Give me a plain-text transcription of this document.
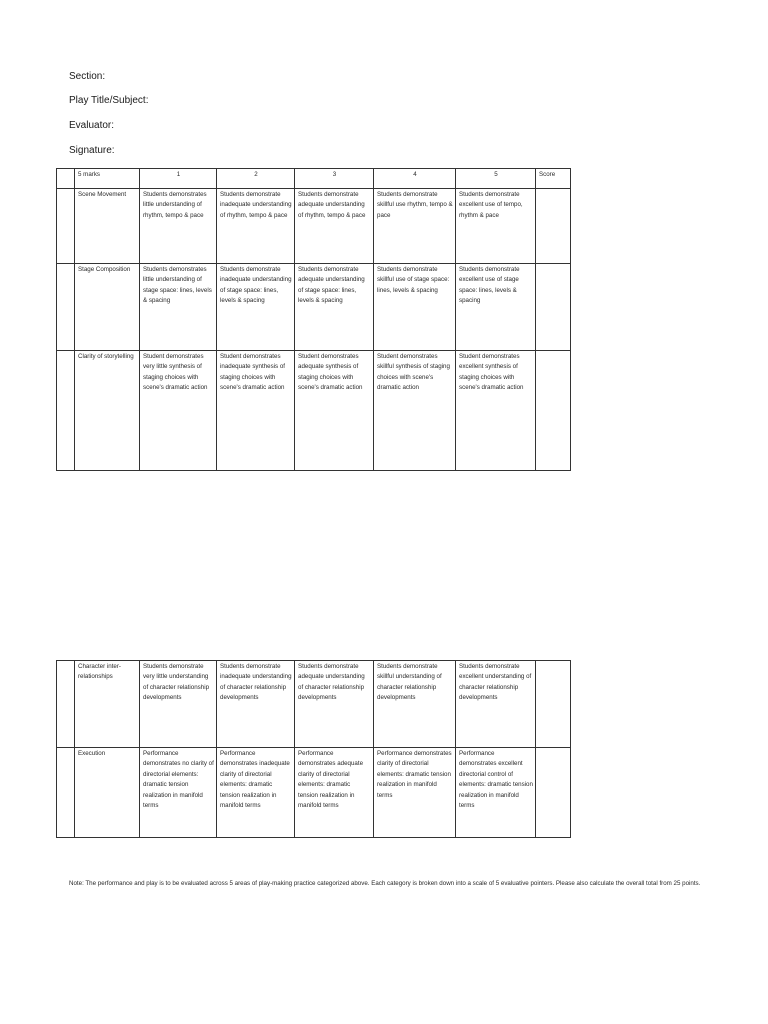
Section:
Play Title/Subject:
Evaluator:
Signature:
	5 marks	1	2	3	4	5	Score
	Scene Movement	Students demonstrates little understanding of rhythm, tempo & pace	Students demonstrate inadequate understanding of rhythm, tempo & pace	Students demonstrate adequate understanding of rhythm, tempo & pace	Students demonstrate skillful use rhythm, tempo & pace	Students demonstrate excellent use of tempo, rhythm & pace	
	Stage Composition	Students demonstrates little understanding of stage space: lines, levels & spacing	Students demonstrate inadequate understanding of stage space: lines, levels & spacing	Students demonstrate adequate understanding of stage space: lines, levels & spacing	Students demonstrate skillful use of stage space: lines, levels & spacing	Students demonstrate excellent use of stage space: lines, levels & spacing	
	Clarity of storytelling	Student demonstrates very little synthesis of staging choices with scene's dramatic action	Student demonstrates inadequate synthesis of staging choices with scene's dramatic action	Student demonstrates adequate synthesis of staging choices with scene's dramatic action	Student demonstrates skillful synthesis of staging choices with scene's dramatic action	Student demonstrates excellent synthesis of staging choices with scene's dramatic action	
	Character inter-relationships	Students demonstrate very little understanding of character relationship developments	Students demonstrate inadequate understanding of character relationship developments	Students demonstrate adequate understanding of character relationship developments	Students demonstrate skillful understanding of character relationship developments	Students demonstrate excellent understanding of character relationship developments	
	Execution	Performance demonstrates no clarity of directorial elements: dramatic tension realization in manifold terms	Performance demonstrates inadequate clarity of directorial elements: dramatic tension realization in manifold terms	Performance demonstrates adequate clarity of directorial elements: dramatic tension realization in manifold terms	Performance demonstrates clarity of directorial elements: dramatic tension realization in manifold terms	Performance demonstrates excellent directorial control of elements: dramatic tension realization in manifold terms	
Note: The performance and play is to be evaluated across 5 areas of play-making practice categorized above. Each category is broken down into a scale of 5 evaluative pointers. Please also calculate the overall total from 25 points.
